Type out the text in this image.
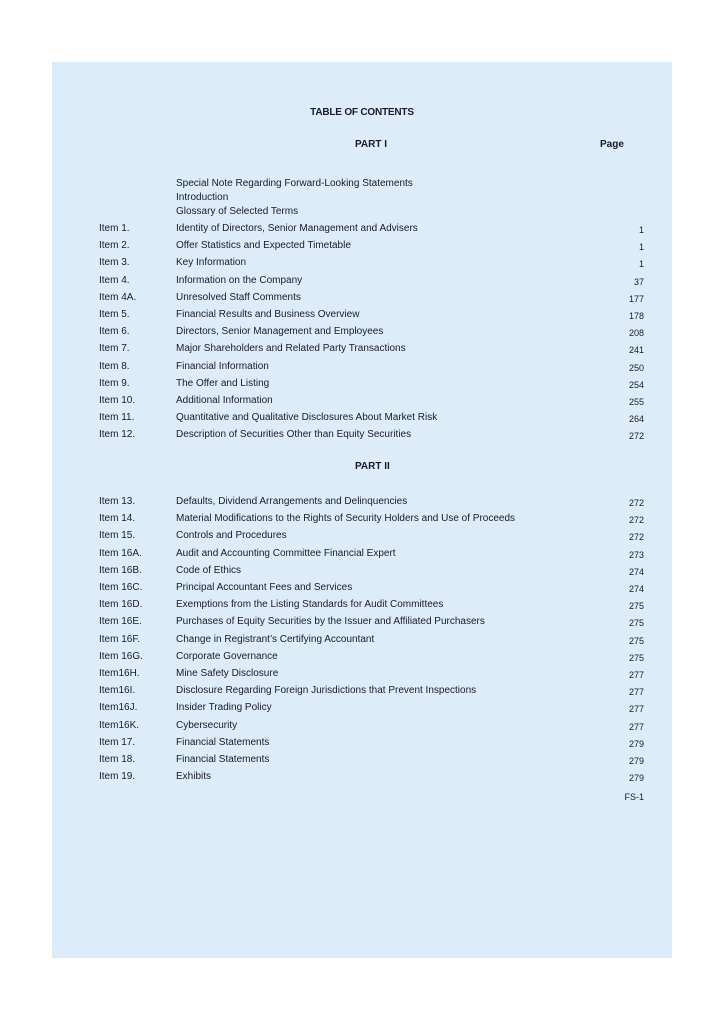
TABLE OF CONTENTS
PART I	Page
Special Note Regarding Forward-Looking Statements
Introduction
Glossary of Selected Terms
Item 1.	Identity of Directors, Senior Management and Advisers	1
Item 2.	Offer Statistics and Expected Timetable	1
Item 3.	Key Information	1
Item 4.	Information on the Company	37
Item 4A.	Unresolved Staff Comments	177
Item 5.	Financial Results and Business Overview	178
Item 6.	Directors, Senior Management and Employees	208
Item 7.	Major Shareholders and Related Party Transactions	241
Item 8.	Financial Information	250
Item 9.	The Offer and Listing	254
Item 10.	Additional Information	255
Item 11.	Quantitative and Qualitative Disclosures About Market Risk	264
Item 12.	Description of Securities Other than Equity Securities	272
PART II
Item 13.	Defaults, Dividend Arrangements and Delinquencies	272
Item 14.	Material Modifications to the Rights of Security Holders and Use of Proceeds	272
Item 15.	Controls and Procedures	272
Item 16A.	Audit and Accounting Committee Financial Expert	273
Item 16B.	Code of Ethics	274
Item 16C.	Principal Accountant Fees and Services	274
Item 16D.	Exemptions from the Listing Standards for Audit Committees	275
Item 16E.	Purchases of Equity Securities by the Issuer and Affiliated Purchasers	275
Item 16F.	Change in Registrant’s Certifying Accountant	275
Item 16G.	Corporate Governance	275
Item16H.	Mine Safety Disclosure	277
Item16I.	Disclosure Regarding Foreign Jurisdictions that Prevent Inspections	277
Item16J.	Insider Trading Policy	277
Item16K.	Cybersecurity	277
Item 17.	Financial Statements	279
Item 18.	Financial Statements	279
Item 19.	Exhibits	279
FS-1
